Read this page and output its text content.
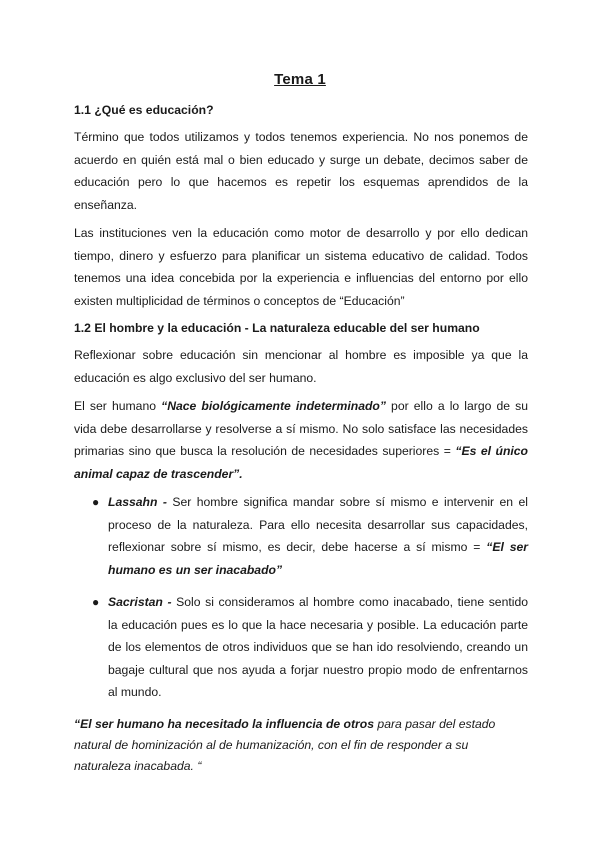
Tema 1
1.1 ¿Qué es educación?

Término que todos utilizamos y todos tenemos experiencia. No nos ponemos de acuerdo en quién está mal o bien educado y surge un debate, decimos saber de educación pero lo que hacemos es repetir los esquemas aprendidos de la enseñanza.

Las instituciones ven la educación como motor de desarrollo y por ello dedican tiempo, dinero y esfuerzo para planificar un sistema educativo de calidad. Todos tenemos una idea concebida por la experiencia e influencias del entorno por ello existen multiplicidad de términos o conceptos de “Educación”

1.2 El hombre y la educación - La naturaleza educable del ser humano

Reflexionar sobre educación sin mencionar al hombre es imposible ya que la educación es algo exclusivo del ser humano.

El ser humano “Nace biológicamente indeterminado” por ello a lo largo de su vida debe desarrollarse y resolverse a sí mismo. No solo satisface las necesidades primarias sino que busca la resolución de necesidades superiores = “Es el único animal capaz de trascender”.

● Lassahn - Ser hombre significa mandar sobre sí mismo e intervenir en el proceso de la naturaleza. Para ello necesita desarrollar sus capacidades, reflexionar sobre sí mismo, es decir, debe hacerse a sí mismo = “El ser humano es un ser inacabado”
● Sacristan - Solo si consideramos al hombre como inacabado, tiene sentido la educación pues es lo que la hace necesaria y posible. La educación parte de los elementos de otros individuos que se han ido resolviendo, creando un bagaje cultural que nos ayuda a forjar nuestro propio modo de enfrentarnos al mundo.

“El ser humano ha necesitado la influencia de otros para pasar del estado natural de hominización al de humanización, con el fin de responder a su naturaleza inacabada. “
